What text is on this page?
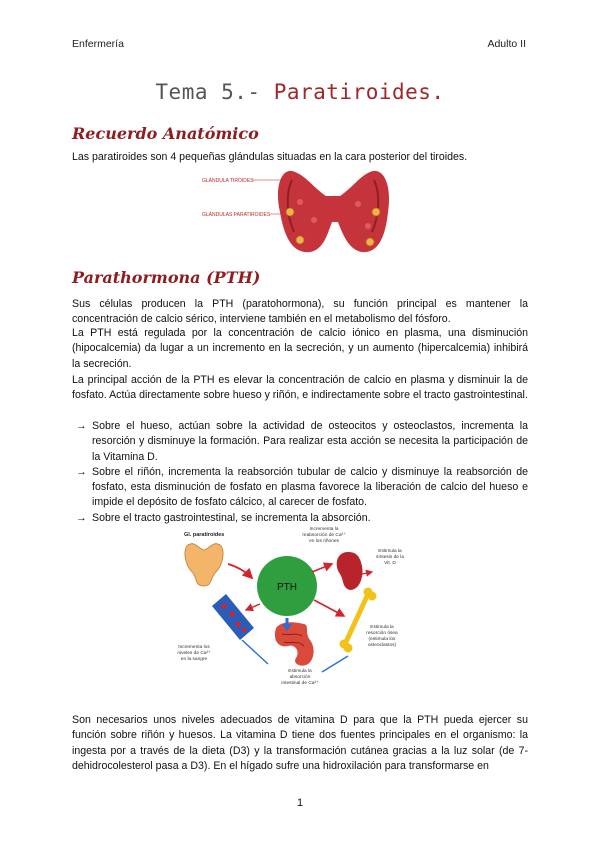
Enfermería	Adulto II
Tema 5.- Paratiroides.
Recuerdo Anatómico

Las paratiroides son 4 pequeñas glándulas situadas en la cara posterior del tiroides.

GLÁNDULA TIROIDES
GLÁNDULAS PARATIROIDES
Parathormona (PTH)

Sus células producen la PTH (paratohormona), su función principal es mantener la concentración de calcio sérico, interviene también en el metabolismo del fósforo.

La PTH está regulada por la concentración de calcio iónico en plasma, una disminución (hipocalcemia) da lugar a un incremento en la secreción, y un aumento (hipercalcemia) inhibirá la secreción.

La principal acción de la PTH es elevar la concentración de calcio en plasma y disminuir la de fosfato. Actúa directamente sobre hueso y riñón, e indirectamente sobre el tracto gastrointestinal.

→ Sobre el hueso, actúan sobre la actividad de osteocitos y osteoclastos, incrementa la resorción y disminuye la formación. Para realizar esta acción se necesita la participación de la Vitamina D.
→ Sobre el riñón, incrementa la reabsorción tubular de calcio y disminuye la reabsorción de fosfato, esta disminución de fosfato en plasma favorece la liberación de calcio del hueso e impide el depósito de fosfato cálcico, al carecer de fosfato.
→ Sobre el tracto gastrointestinal, se incrementa la absorción.
Gl. paratiroides
PTH
Incrementa la
reabsorción de Ca²⁺
en los riñones
Estimula la
síntesis de la
Vit. D
Estimula la
resorción ósea
(estimula los
osteoclastos)
Estimula la
absorción
intestinal de Ca²⁺
Incrementa los
niveles de Ca²⁺
en la sangre

Son necesarios unos niveles adecuados de vitamina D para que la PTH pueda ejercer su función sobre riñón y huesos. La vitamina D tiene dos fuentes principales en el organismo: la ingesta por a través de la dieta (D3) y la transformación cutánea gracias a la luz solar (de 7-dehidrocolesterol pasa a D3). En el hígado sufre una hidroxilación para transformarse en

1
